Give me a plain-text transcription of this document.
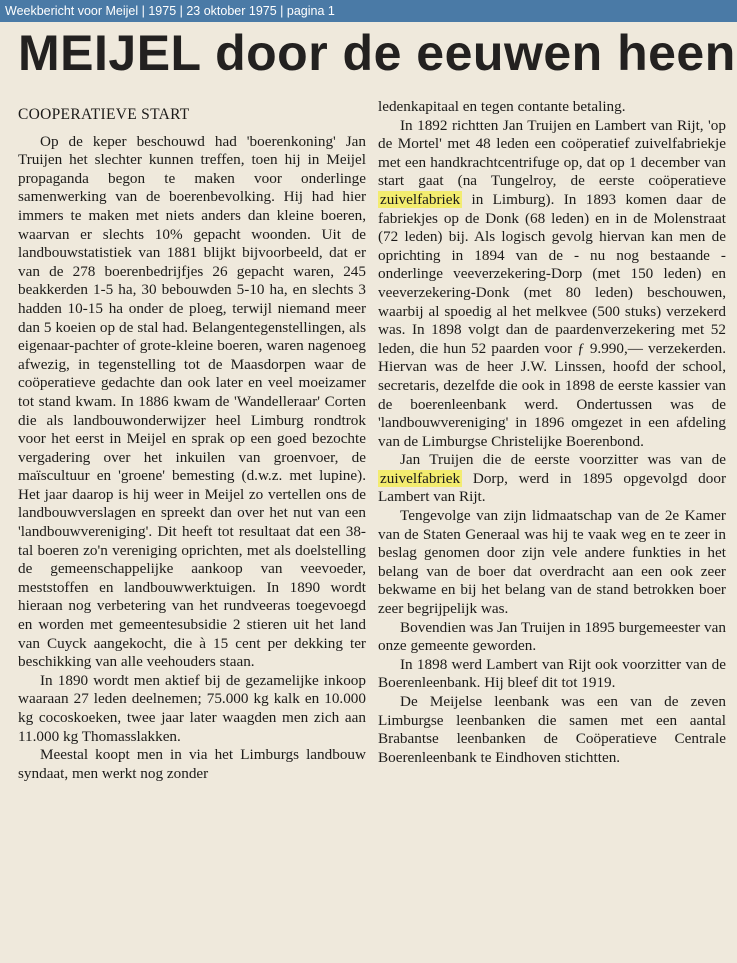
Weekbericht voor Meijel | 1975 | 23 oktober 1975 | pagina 1
MEIJEL door de eeuwen heen

COOPERATIEVE START

Op de keper beschouwd had 'boerenkoning' Jan Truijen het slechter kunnen treffen, toen hij in Meijel propaganda begon te maken voor onderlinge samenwerking van de boerenbevolking. Hij had hier immers te maken met niets anders dan kleine boeren, waarvan er slechts 10% gepacht woonden. Uit de landbouwstatistiek van 1881 blijkt bijvoorbeeld, dat er van de 278 boerenbedrijfjes 26 gepacht waren, 245 beakkerden 1-5 ha, 30 bebouwden 5-10 ha, en slechts 3 hadden 10-15 ha onder de ploeg, terwijl niemand meer dan 5 koeien op de stal had. Belangentegenstellingen, als eigenaar-pachter of grote-kleine boeren, waren nagenoeg afwezig, in tegenstelling tot de Maasdorpen waar de coöperatieve gedachte dan ook later en veel moeizamer tot stand kwam. In 1886 kwam de 'Wandelleraar' Corten die als landbouwonderwijzer heel Limburg rondtrok voor het eerst in Meijel en sprak op een goed bezochte vergadering over het inkuilen van groenvoer, de maïscultuur en 'groene' bemesting (d.w.z. met lupine). Het jaar daarop is hij weer in Meijel zo vertellen ons de landbouwverslagen en spreekt dan over het nut van een 'landbouwvereniging'. Dit heeft tot resultaat dat een 38-tal boeren zo'n vereniging oprichten, met als doelstelling de gemeenschappelijke aankoop van veevoeder, meststoffen en landbouwwerktuigen. In 1890 wordt hieraan nog verbetering van het rundveeras toegevoegd en worden met gemeentesubsidie 2 stieren uit het land van Cuyck aangekocht, die à 15 cent per dekking ter beschikking van alle veehouders staan.

In 1890 wordt men aktief bij de gezamelijke inkoop waaraan 27 leden deelnemen; 75.000 kg kalk en 10.000 kg cocoskoeken, twee jaar later waagden men zich aan 11.000 kg Thomasslakken.

Meestal koopt men in via het Limburgs landbouw syndaat, men werkt nog zonder

ledenkapitaal en tegen contante betaling.

In 1892 richtten Jan Truijen en Lambert van Rijt, 'op de Mortel' met 48 leden een coöperatief zuivelfabriekje met een handkrachtcentrifuge op, dat op 1 december van start gaat (na Tungelroy, de eerste coöperatieve zuivelfabriek in Limburg). In 1893 komen daar de fabriekjes op de Donk (68 leden) en in de Molenstraat (72 leden) bij. Als logisch gevolg hiervan kan men de oprichting in 1894 van de - nu nog bestaande - onderlinge veeverzekering-Dorp (met 150 leden) en veeverzekering-Donk (met 80 leden) beschouwen, waarbij al spoedig al het melkvee (500 stuks) verzekerd was. In 1898 volgt dan de paardenverzekering met 52 leden, die hun 52 paarden voor ƒ 9.990,— verzekerden. Hiervan was de heer J.W. Linssen, hoofd der school, secretaris, dezelfde die ook in 1898 de eerste kassier van de boerenleenbank werd. Ondertussen was de 'landbouwvereniging' in 1896 omgezet in een afdeling van de Limburgse Christelijke Boerenbond.

Jan Truijen die de eerste voorzitter was van de zuivelfabriek Dorp, werd in 1895 opgevolgd door Lambert van Rijt.

Tengevolge van zijn lidmaatschap van de 2e Kamer van de Staten Generaal was hij te vaak weg en te zeer in beslag genomen door zijn vele andere funkties in het belang van de boer dat overdracht aan een ook zeer bekwame en bij het belang van de stand betrokken boer zeer begrijpelijk was.

Bovendien was Jan Truijen in 1895 burgemeester van onze gemeente geworden.

In 1898 werd Lambert van Rijt ook voorzitter van de Boerenleenbank. Hij bleef dit tot 1919.

De Meijelse leenbank was een van de zeven Limburgse leenbanken die samen met een aantal Brabantse leenbanken de Coöperatieve Centrale Boerenleenbank te Eindhoven stichtten.
